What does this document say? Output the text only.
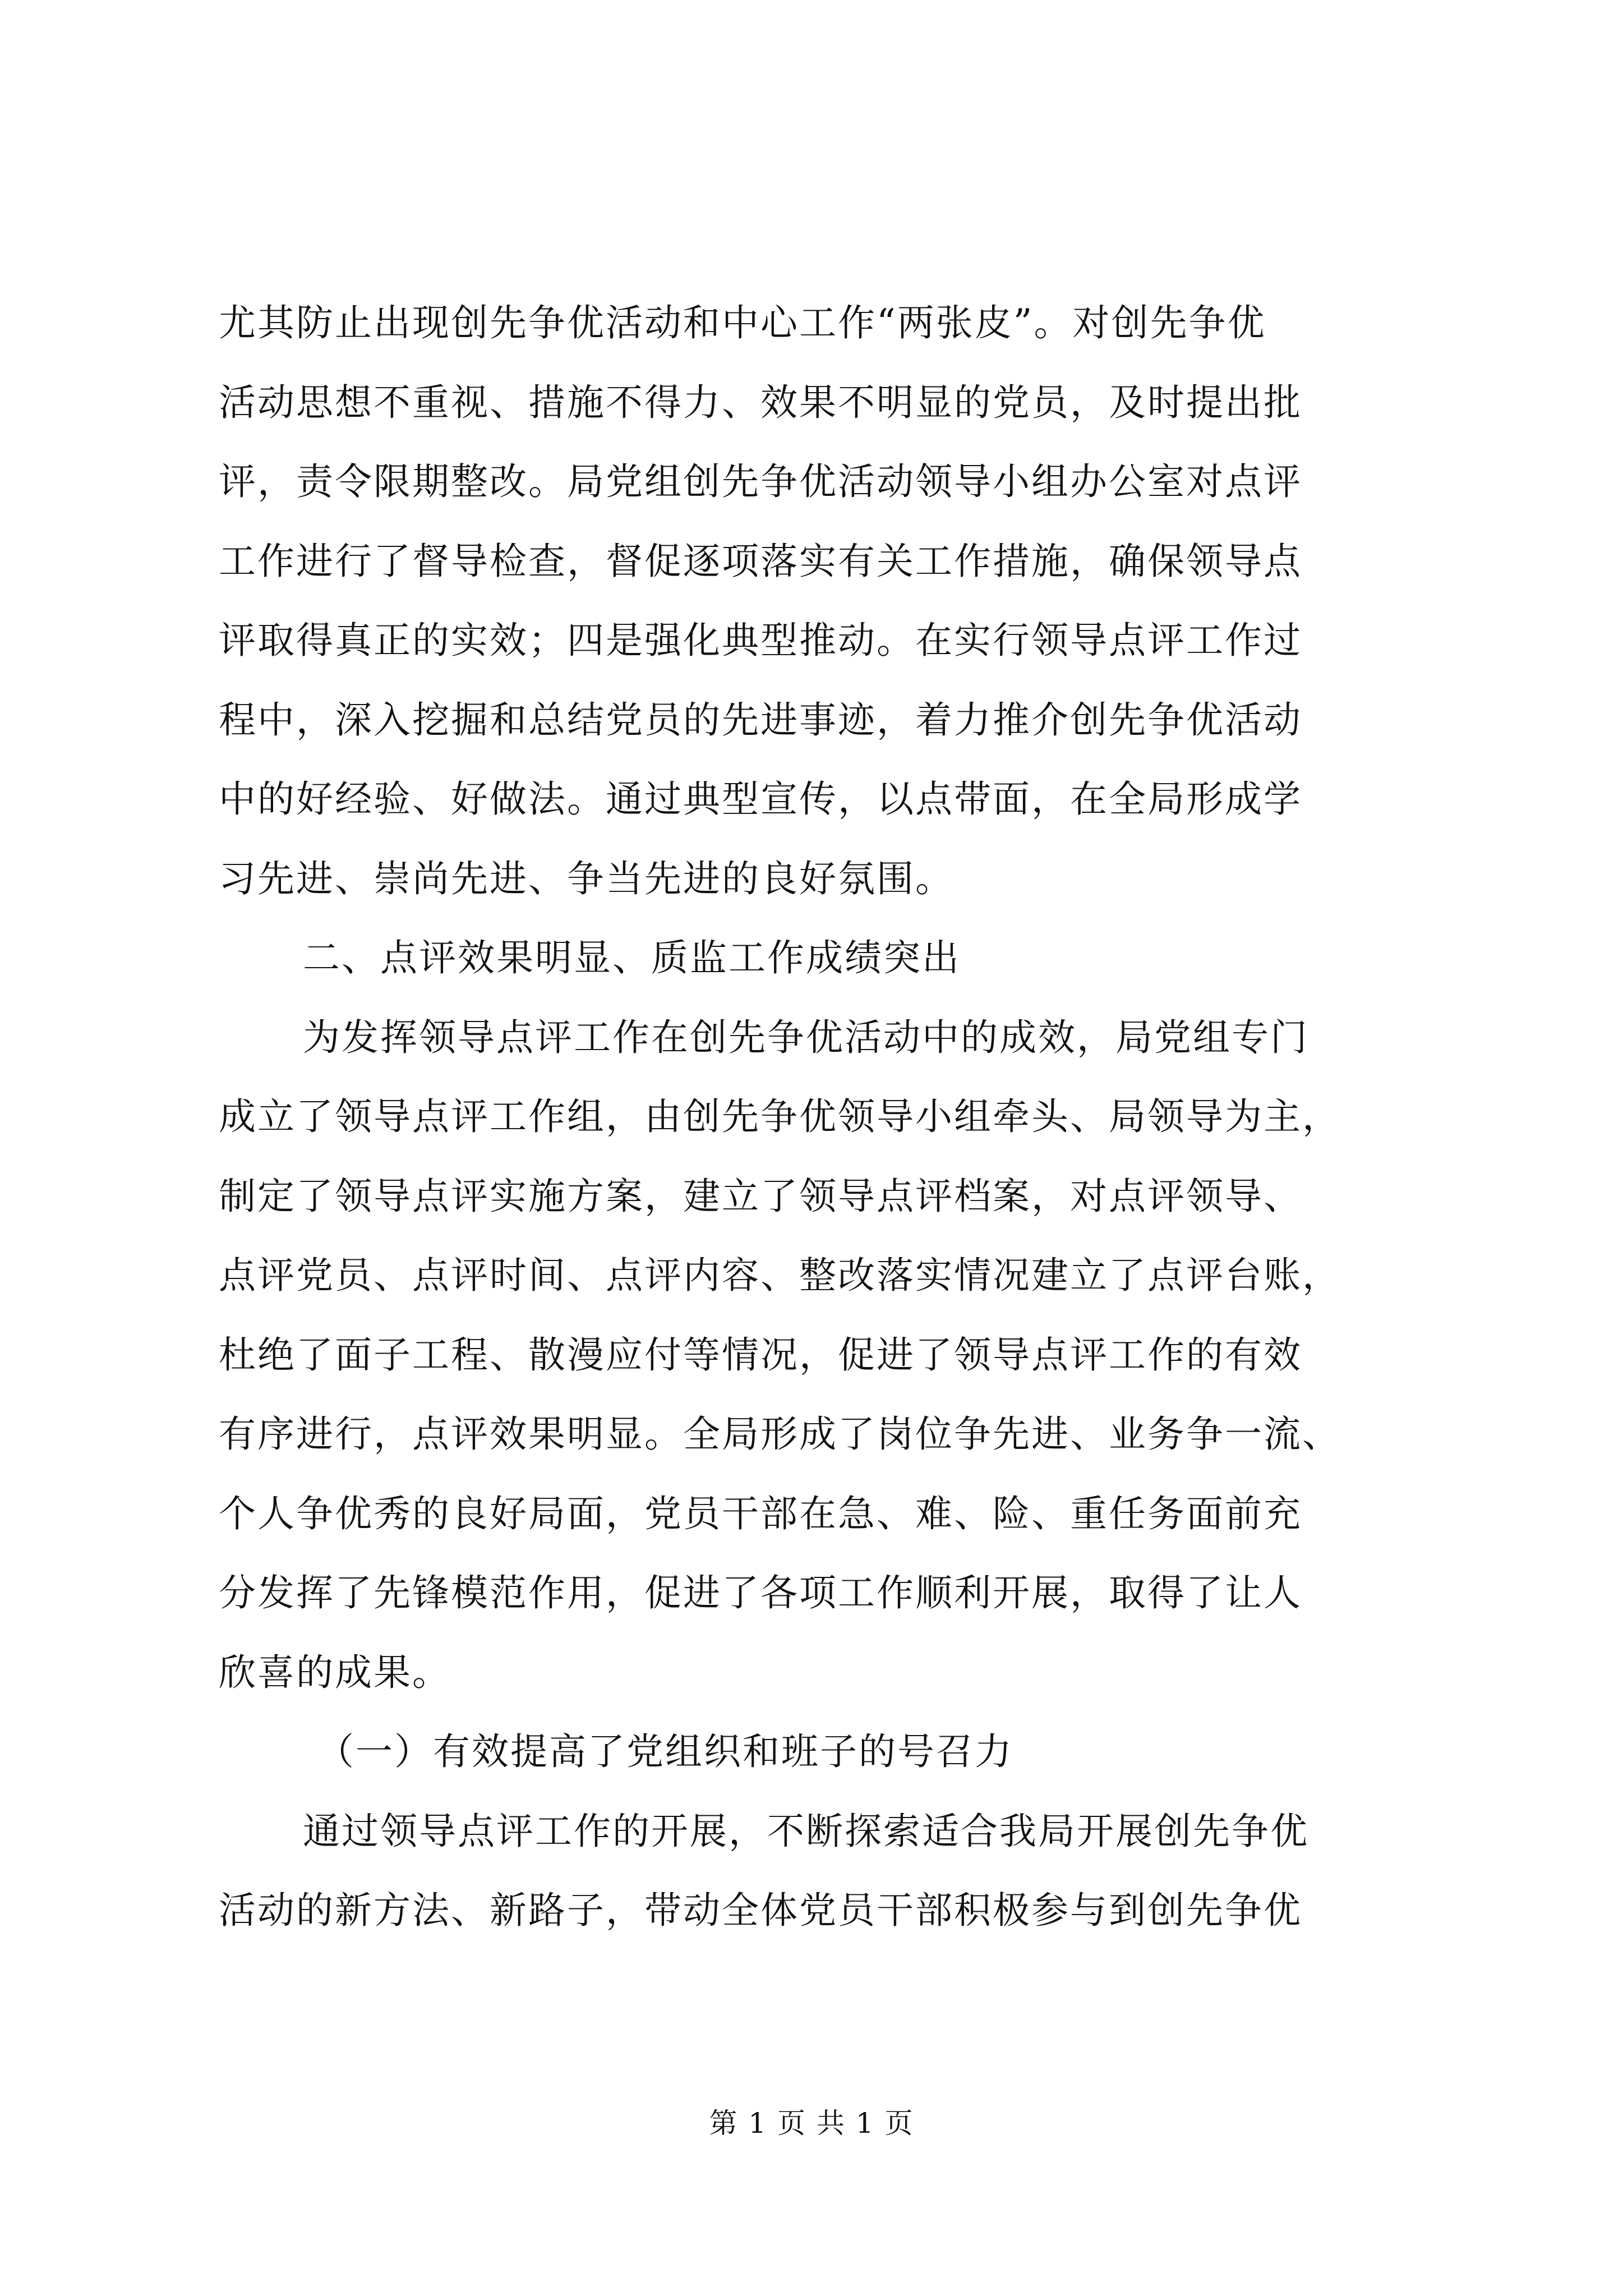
尤其防止出现创先争优活动和中心工作“两张皮”。对创先争优
活动思想不重视、措施不得力、效果不明显的党员，及时提出批
评，责令限期整改。局党组创先争优活动领导小组办公室对点评
工作进行了督导检查，督促逐项落实有关工作措施，确保领导点
评取得真正的实效；四是强化典型推动。在实行领导点评工作过
程中，深入挖掘和总结党员的先进事迹，着力推介创先争优活动
中的好经验、好做法。通过典型宣传，以点带面，在全局形成学
习先进、崇尚先进、争当先进的良好氛围。
二、点评效果明显、质监工作成绩突出
为发挥领导点评工作在创先争优活动中的成效，局党组专门
成立了领导点评工作组，由创先争优领导小组牵头、局领导为主，
制定了领导点评实施方案，建立了领导点评档案，对点评领导、
点评党员、点评时间、点评内容、整改落实情况建立了点评台账，
杜绝了面子工程、散漫应付等情况，促进了领导点评工作的有效
有序进行，点评效果明显。全局形成了岗位争先进、业务争一流、
个人争优秀的良好局面，党员干部在急、难、险、重任务面前充
分发挥了先锋模范作用，促进了各项工作顺利开展，取得了让人
欣喜的成果。
（一）有效提高了党组织和班子的号召力
通过领导点评工作的开展，不断探索适合我局开展创先争优
活动的新方法、新路子，带动全体党员干部积极参与到创先争优
第 1 页 共 1 页
